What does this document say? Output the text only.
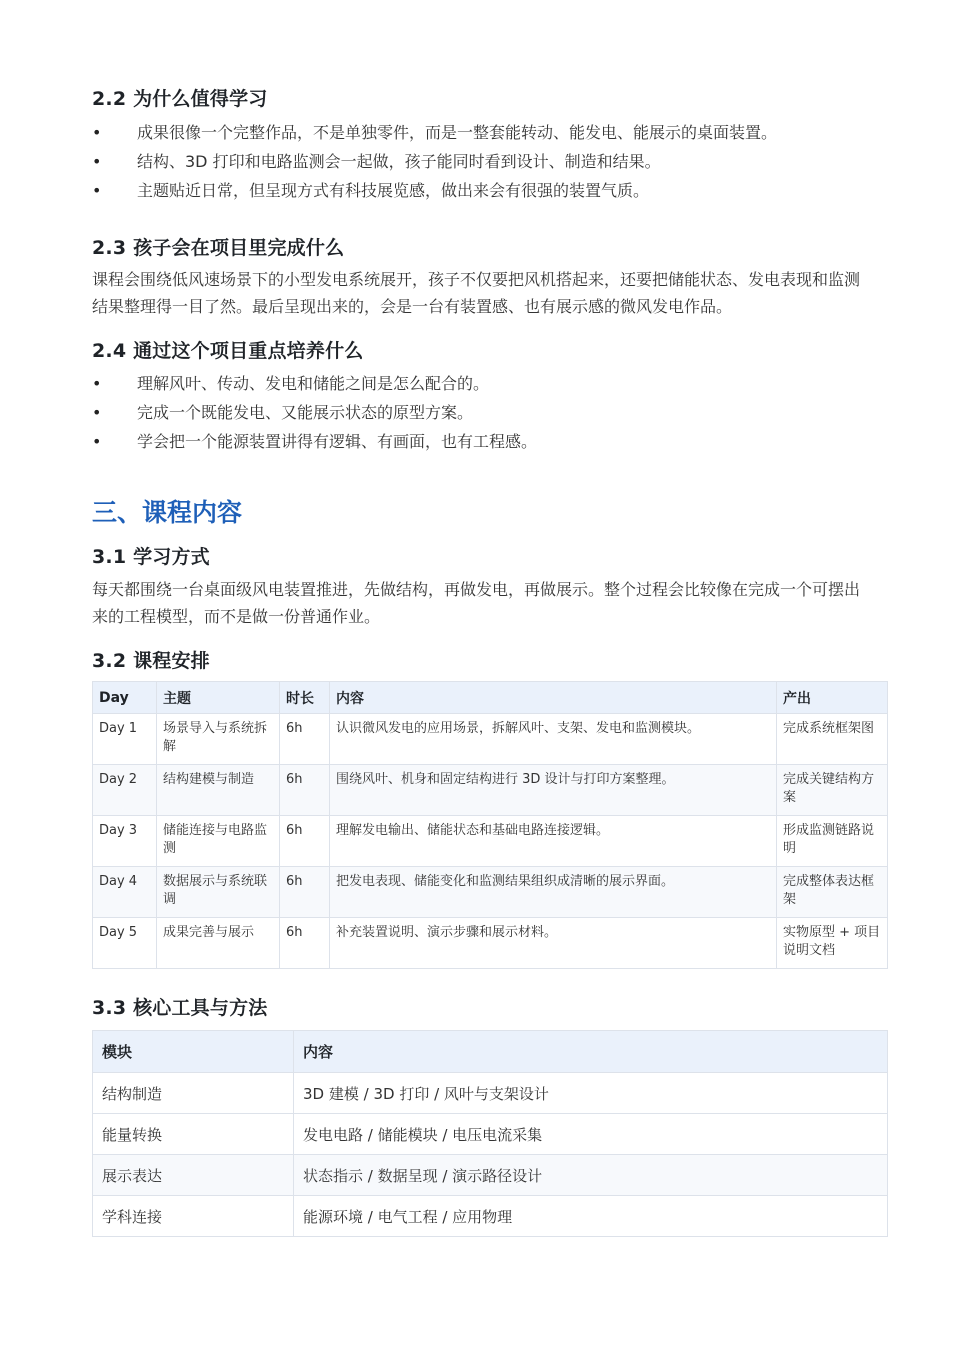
2.2 为什么值得学习
• 成果很像一个完整作品，不是单独零件，而是一整套能转动、能发电、能展示的桌面装置。
• 结构、3D 打印和电路监测会一起做，孩子能同时看到设计、制造和结果。
• 主题贴近日常，但呈现方式有科技展览感，做出来会有很强的装置气质。
2.3 孩子会在项目里完成什么

课程会围绕低风速场景下的小型发电系统展开，孩子不仅要把风机搭起来，还要把储能状态、发电表现和监测结果整理得一目了然。最后呈现出来的，会是一台有装置感、也有展示感的微风发电作品。

2.4 通过这个项目重点培养什么
• 理解风叶、传动、发电和储能之间是怎么配合的。
• 完成一个既能发电、又能展示状态的原型方案。
• 学会把一个能源装置讲得有逻辑、有画面，也有工程感。
三、课程内容
3.1 学习方式

每天都围绕一台桌面级风电装置推进，先做结构，再做发电，再做展示。整个过程会比较像在完成一个可摆出来的工程模型，而不是做一份普通作业。

3.2 课程安排
Day	主题	时长	内容	产出
Day 1	场景导入与系统拆解	6h	认识微风发电的应用场景，拆解风叶、支架、发电和监测模块。	完成系统框架图
Day 2	结构建模与制造	6h	围绕风叶、机身和固定结构进行 3D 设计与打印方案整理。	完成关键结构方案
Day 3	储能连接与电路监测	6h	理解发电输出、储能状态和基础电路连接逻辑。	形成监测链路说明
Day 4	数据展示与系统联调	6h	把发电表现、储能变化和监测结果组织成清晰的展示界面。	完成整体表达框架
Day 5	成果完善与展示	6h	补充装置说明、演示步骤和展示材料。	实物原型 + 项目说明文档
3.3 核心工具与方法
模块	内容
结构制造	3D 建模 / 3D 打印 / 风叶与支架设计
能量转换	发电电路 / 储能模块 / 电压电流采集
展示表达	状态指示 / 数据呈现 / 演示路径设计
学科连接	能源环境 / 电气工程 / 应用物理
